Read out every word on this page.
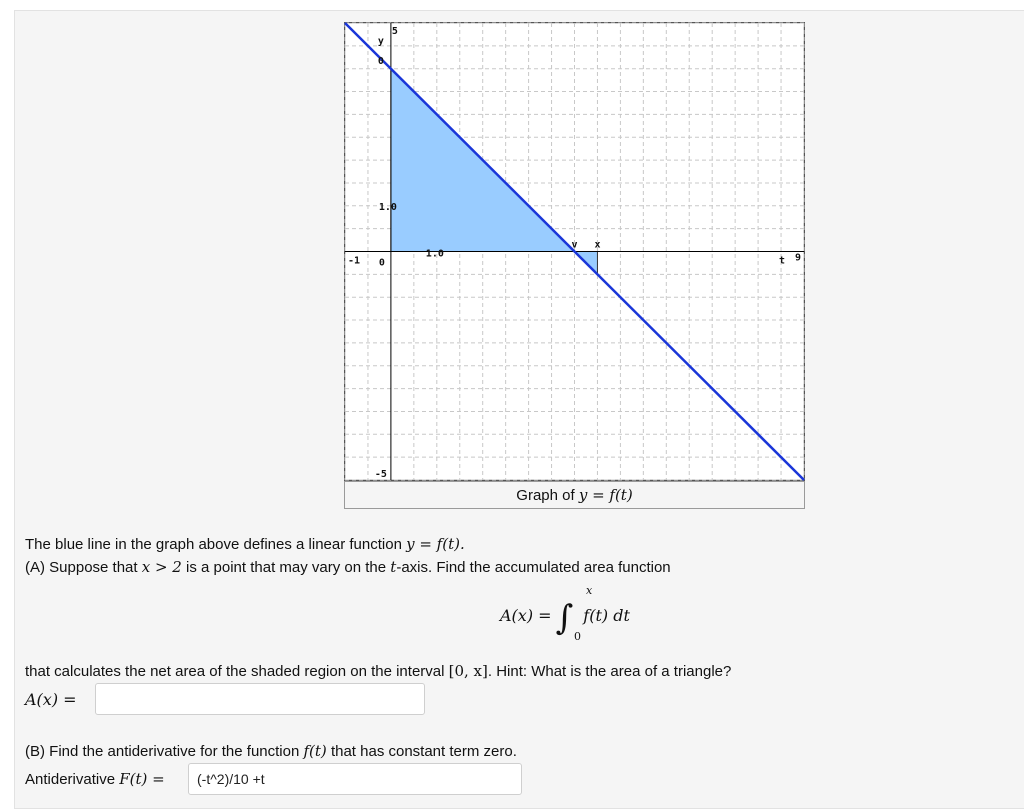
5
y
0
1.0
1.0
0
-1
-5
t 9
v x
Graph of y = f(t)
The blue line in the graph above defines a linear function y = f(t).
(A) Suppose that x > 2 is a point that may vary on the t-axis. Find the accumulated area function
A(x) = ∫
x
0
f(t) dt
that calculates the net area of the shaded region on the interval [0, x]. Hint: What is the area of a triangle?
A(x) =
(B) Find the antiderivative for the function f(t) that has constant term zero.
Antiderivative F(t) =
(-t^2)/10 +t
